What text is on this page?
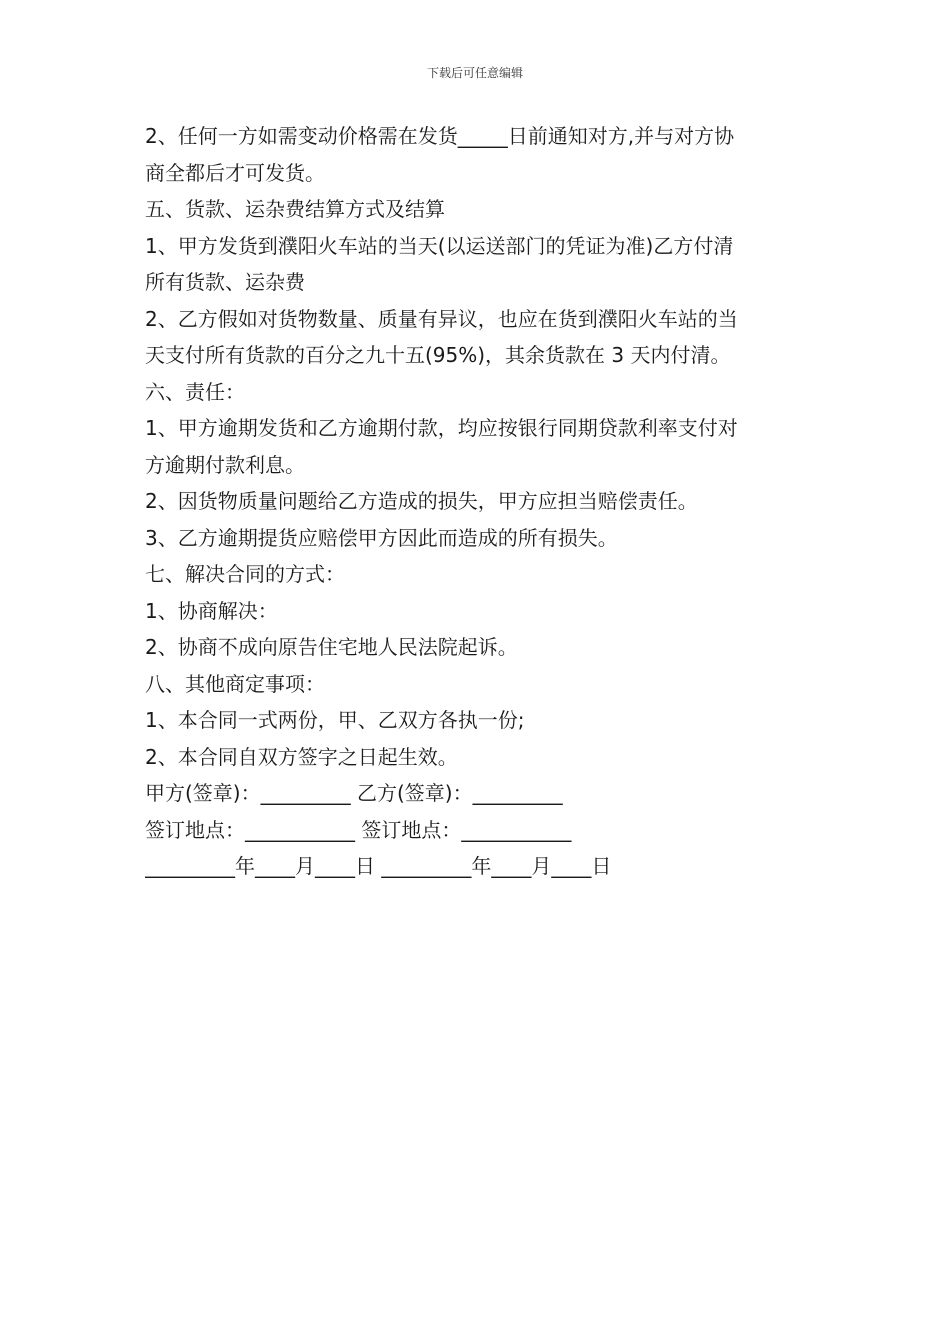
下载后可任意编辑
2、任何一方如需变动价格需在发货_____日前通知对方,并与对方协
商全都后才可发货。
五、货款、运杂费结算方式及结算
1、甲方发货到濮阳火车站的当天(以运送部门的凭证为准)乙方付清
所有货款、运杂费
2、乙方假如对货物数量、质量有异议，也应在货到濮阳火车站的当
天支付所有货款的百分之九十五(95%)，其余货款在 3 天内付清。
六、责任：
1、甲方逾期发货和乙方逾期付款，均应按银行同期贷款利率支付对
方逾期付款利息。
2、因货物质量问题给乙方造成的损失，甲方应担当赔偿责任。
3、乙方逾期提货应赔偿甲方因此而造成的所有损失。
七、解决合同的方式：
1、协商解决：
2、协商不成向原告住宅地人民法院起诉。
八、其他商定事项：
1、本合同一式两份，甲、乙双方各执一份;
2、本合同自双方签字之日起生效。
甲方(签章)：_________ 乙方(签章)：_________
签订地点：___________ 签订地点：___________
_________年____月____日 _________年____月____日
